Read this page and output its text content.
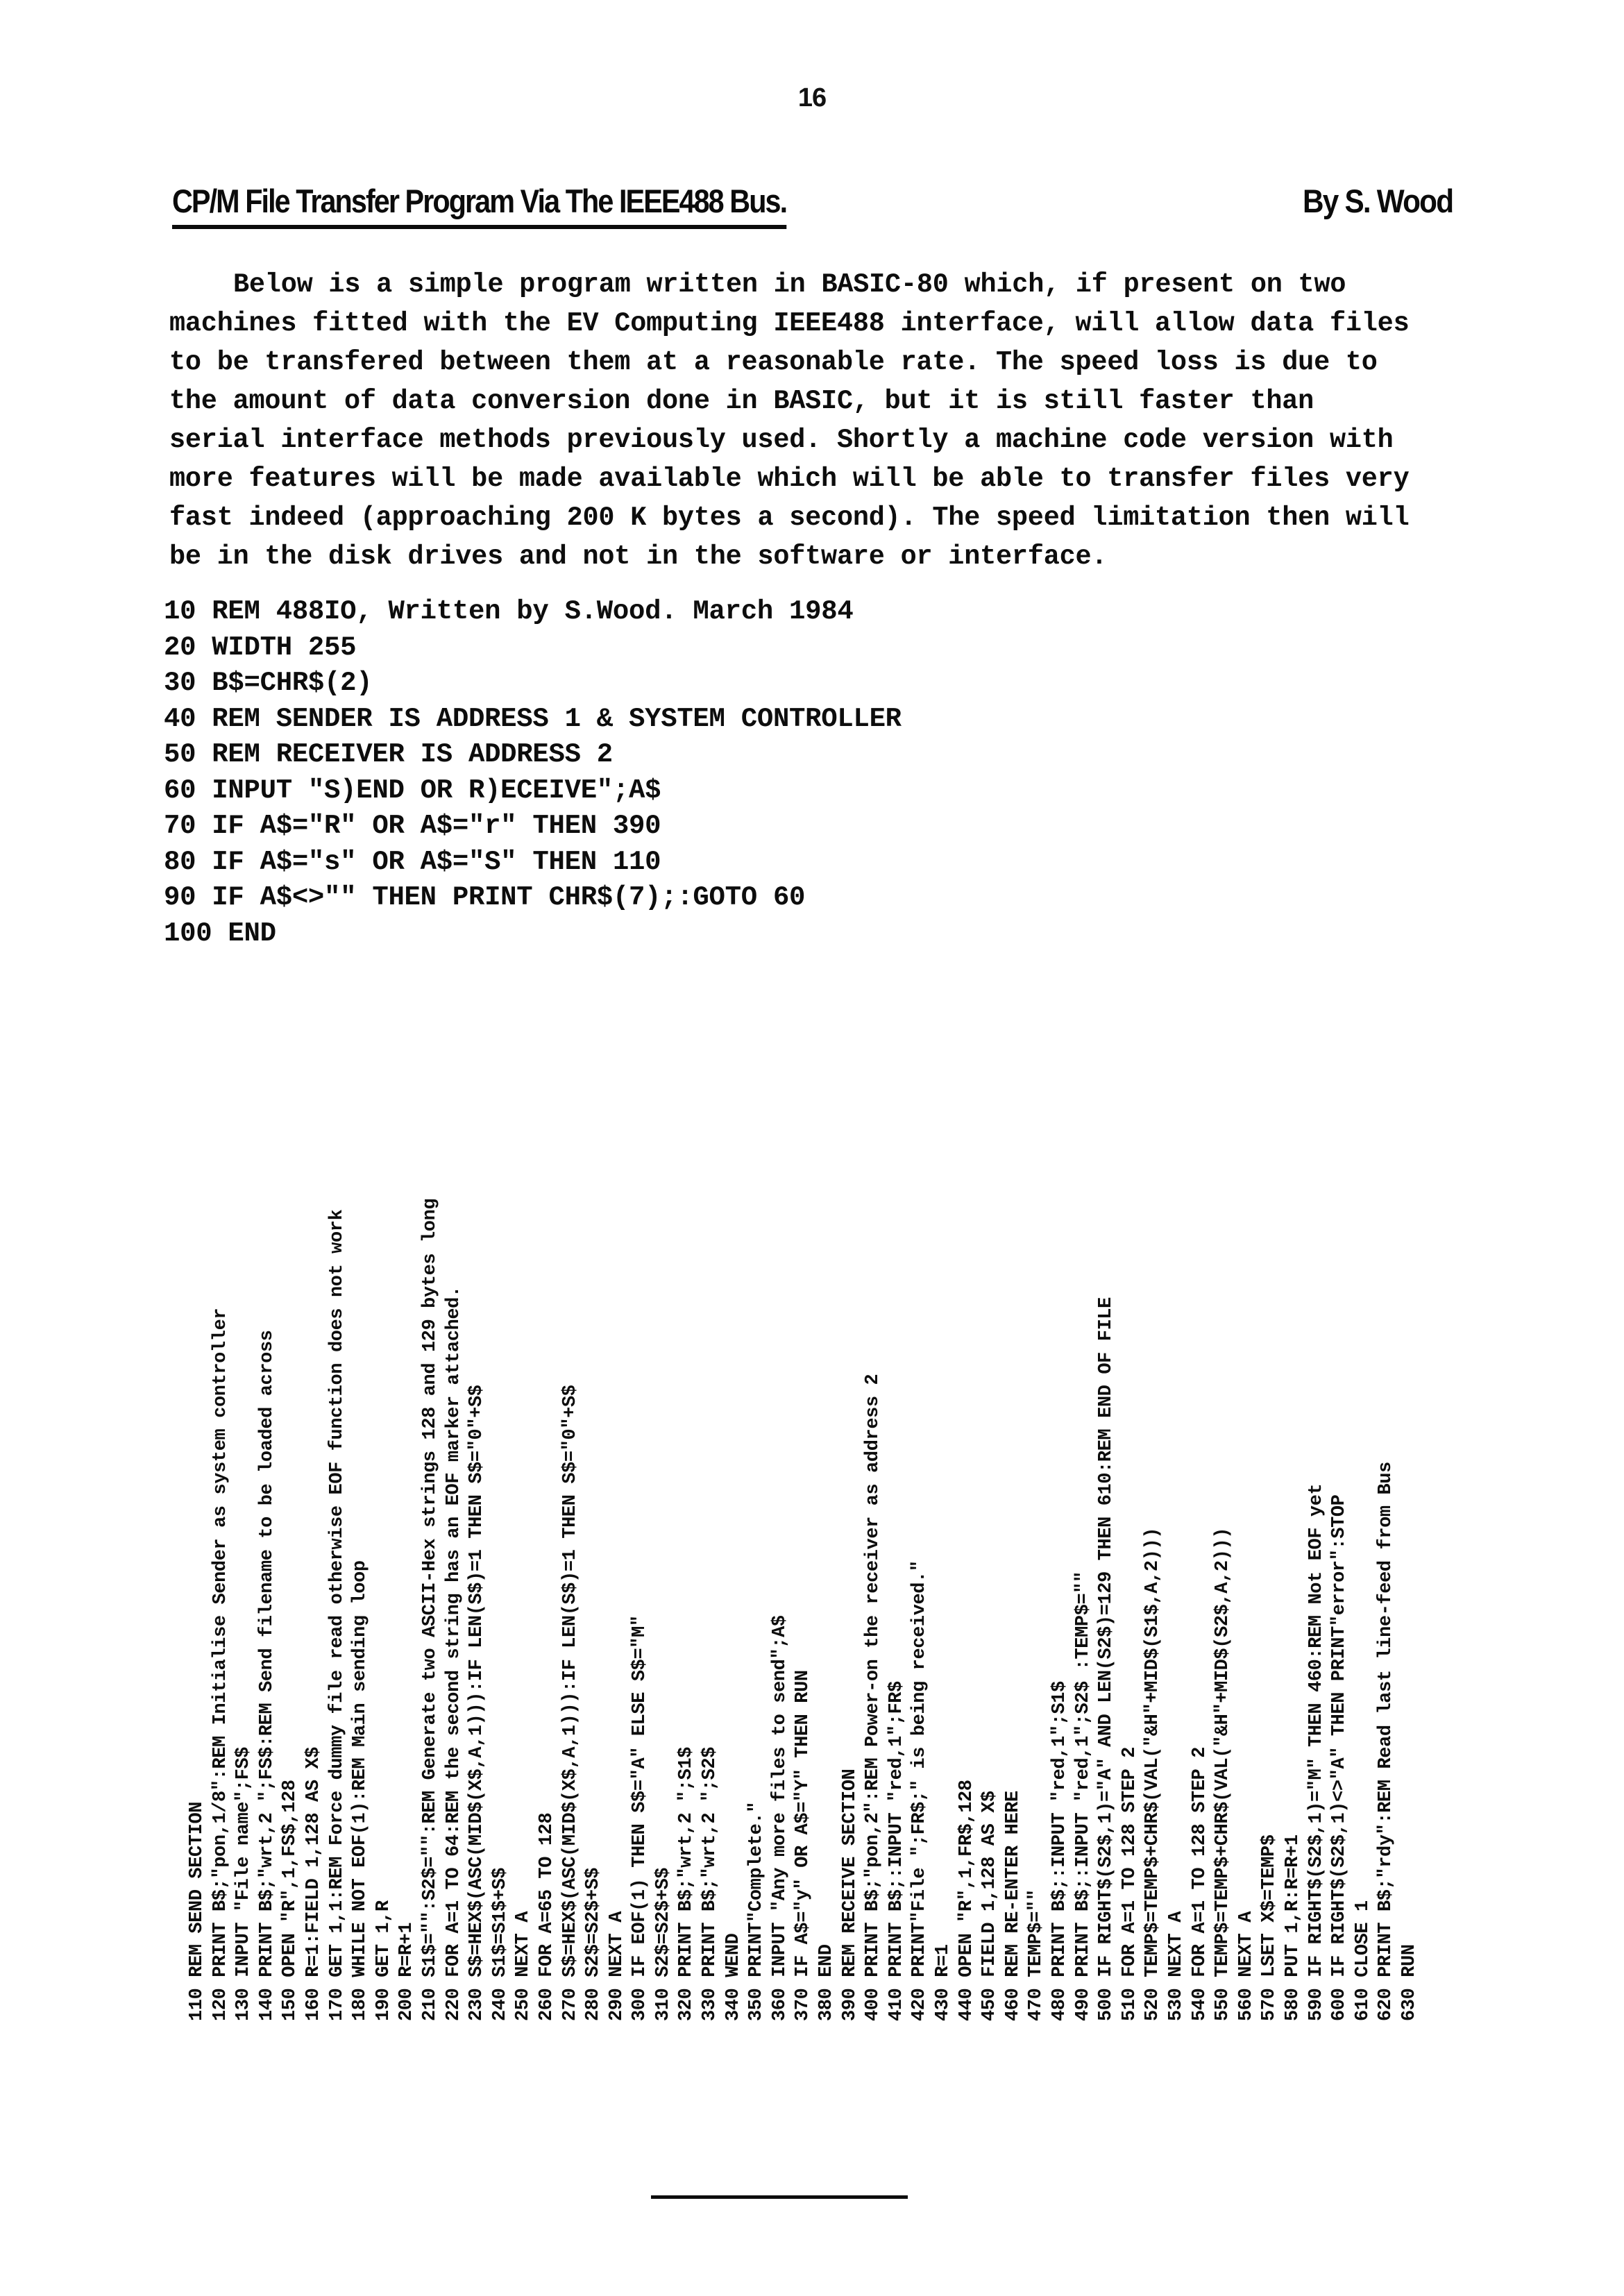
16
CP/M File Transfer Program Via The IEEE488 Bus.	By S. Wood
Below is a simple program written in BASIC-80 which, if present on two
machines fitted with the EV Computing IEEE488 interface, will allow data files
to be transfered between them at a reasonable rate. The speed loss is due to
the amount of data conversion done in BASIC, but it is still faster than
serial interface methods previously used. Shortly a machine code version with
more features will be made available which will be able to transfer files very
fast indeed (approaching 200 K bytes a second). The speed limitation then will
be in the disk drives and not in the software or interface.
10 REM 488IO, Written by S.Wood. March 1984
20 WIDTH 255
30 B$=CHR$(2)
40 REM SENDER IS ADDRESS 1 & SYSTEM CONTROLLER
50 REM RECEIVER IS ADDRESS 2
60 INPUT "S)END OR R)ECEIVE";A$
70 IF A$="R" OR A$="r" THEN 390
80 IF A$="s" OR A$="S" THEN 110
90 IF A$<>"" THEN PRINT CHR$(7);:GOTO 60
100 END
110 REM SEND SECTION 120 PRINT B$;"pon,1/8":REM Initialise Sender as system controller 130 INPUT "File name";FS$ 140 PRINT B$;"wrt,2 ";FS$:REM Send filename to be loaded across 150 OPEN "R",1,FS$,128 160 R=1:FIELD 1,128 AS X$ 170 GET 1,1:REM Force dummy file read otherwise EOF function does not work 180 WHILE NOT EOF(1):REM Main sending loop 190 GET 1,R 200 R=R+1 210 S1$="":S2$="":REM Generate two ASCII-Hex strings 128 and 129 bytes long 220 FOR A=1 TO 64:REM the second string has an EOF marker attached. 230 S$=HEX$(ASC(MID$(X$,A,1))):IF LEN(S$)=1 THEN S$="0"+S$ 240 S1$=S1$+S$ 250 NEXT A 260 FOR A=65 TO 128 270 S$=HEX$(ASC(MID$(X$,A,1))):IF LEN(S$)=1 THEN S$="0"+S$ 280 S2$=S2$+S$ 290 NEXT A 300 IF EOF(1) THEN S$="A" ELSE S$="M" 310 S2$=S2$+S$ 320 PRINT B$;"wrt,2 ";S1$ 330 PRINT B$;"wrt,2 ";S2$ 340 WEND 350 PRINT"Complete." 360 INPUT "Any more files to send";A$ 370 IF A$="y" OR A$="Y" THEN RUN 380 END 390 REM RECEIVE SECTION 400 PRINT B$;"pon,2":REM Power-on the receiver as address 2 410 PRINT B$;:INPUT "red,1";FR$ 420 PRINT"File ";FR$;" is being received." 430 R=1 440 OPEN "R",1,FR$,128 450 FIELD 1,128 AS X$ 460 REM RE-ENTER HERE 470 TEMP$="" 480 PRINT B$;:INPUT "red,1";S1$ 490 PRINT B$;:INPUT "red,1";S2$ :TEMP$="" 500 IF RIGHT$(S2$,1)="A" AND LEN(S2$)=129 THEN 610:REM END OF FILE 510 FOR A=1 TO 128 STEP 2 520 TEMP$=TEMP$+CHR$(VAL("&H"+MID$(S1$,A,2))) 530 NEXT A 540 FOR A=1 TO 128 STEP 2 550 TEMP$=TEMP$+CHR$(VAL("&H"+MID$(S2$,A,2))) 560 NEXT A 570 LSET X$=TEMP$ 580 PUT 1,R:R=R+1 590 IF RIGHT$(S2$,1)="M" THEN 460:REM Not EOF yet 600 IF RIGHT$(S2$,1)<>"A" THEN PRINT"error":STOP 610 CLOSE 1 620 PRINT B$;"rdy":REM Read last line-feed from Bus 630 RUN
